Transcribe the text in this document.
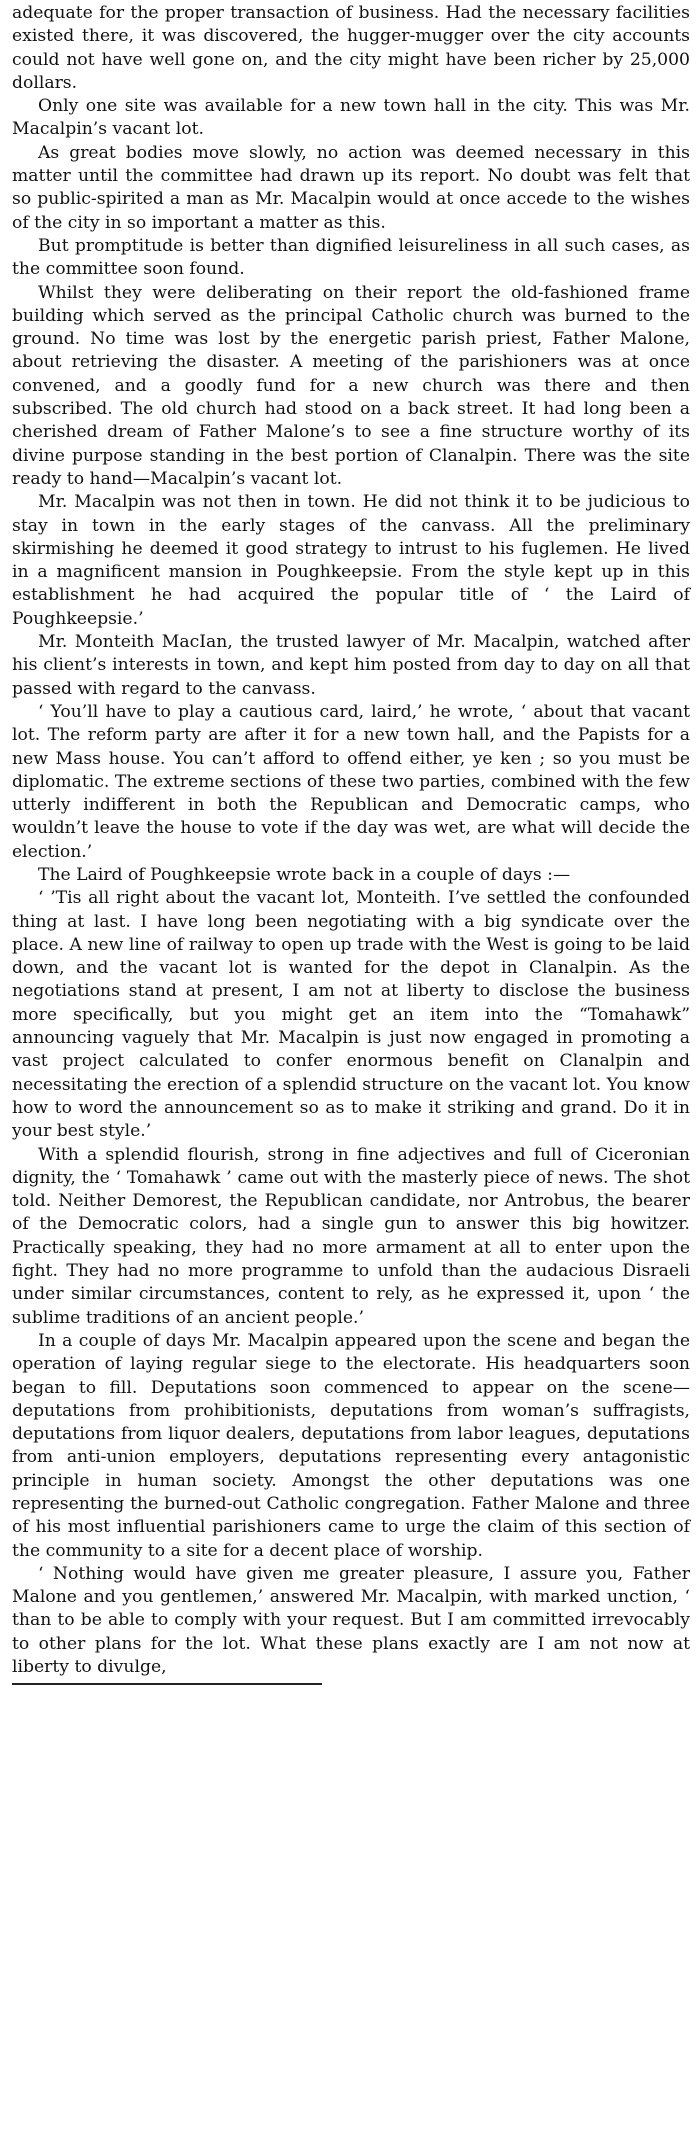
adequate for the proper transaction of business. Had the necessary facilities existed there, it was discovered, the hugger-mugger over the city accounts could not have well gone on, and the city might have been richer by 25,000 dollars.

Only one site was available for a new town hall in the city. This was Mr. Macalpin’s vacant lot.

As great bodies move slowly, no action was deemed necessary in this matter until the committee had drawn up its report. No doubt was felt that so public-spirited a man as Mr. Macalpin would at once accede to the wishes of the city in so important a matter as this.

But promptitude is better than dignified leisureliness in all such cases, as the committee soon found.

Whilst they were deliberating on their report the old-fashioned frame building which served as the principal Catholic church was burned to the ground. No time was lost by the energetic parish priest, Father Malone, about retrieving the disaster. A meeting of the parishioners was at once convened, and a goodly fund for a new church was there and then subscribed. The old church had stood on a back street. It had long been a cherished dream of Father Malone’s to see a fine structure worthy of its divine purpose standing in the best portion of Clanalpin. There was the site ready to hand—Macalpin’s vacant lot.

Mr. Macalpin was not then in town. He did not think it to be judicious to stay in town in the early stages of the canvass. All the preliminary skirmishing he deemed it good strategy to intrust to his fuglemen. He lived in a magnificent mansion in Poughkeepsie. From the style kept up in this establishment he had acquired the popular title of ‘ the Laird of Poughkeepsie.’

Mr. Monteith MacIan, the trusted lawyer of Mr. Macalpin, watched after his client’s interests in town, and kept him posted from day to day on all that passed with regard to the canvass.

‘ You’ll have to play a cautious card, laird,’ he wrote, ‘ about that vacant lot. The reform party are after it for a new town hall, and the Papists for a new Mass house. You can’t afford to offend either, ye ken ; so you must be diplomatic. The extreme sections of these two parties, combined with the few utterly indifferent in both the Republican and Democratic camps, who wouldn’t leave the house to vote if the day was wet, are what will decide the election.’

The Laird of Poughkeepsie wrote back in a couple of days :—

‘ ’Tis all right about the vacant lot, Monteith. I’ve settled the confounded thing at last. I have long been negotiating with a big syndicate over the place. A new line of railway to open up trade with the West is going to be laid down, and the vacant lot is wanted for the depot in Clanalpin. As the negotiations stand at present, I am not at liberty to disclose the business more specifically, but you might get an item into the “Tomahawk” announcing vaguely that Mr. Macalpin is just now engaged in promoting a vast project calculated to confer enormous benefit on Clanalpin and necessitating the erection of a splendid structure on the vacant lot. You know how to word the announcement so as to make it striking and grand. Do it in your best style.’

With a splendid flourish, strong in fine adjectives and full of Ciceronian dignity, the ‘ Tomahawk ’ came out with the masterly piece of news. The shot told. Neither Demorest, the Republican candidate, nor Antrobus, the bearer of the Democratic colors, had a single gun to answer this big howitzer. Practically speaking, they had no more armament at all to enter upon the fight. They had no more programme to unfold than the audacious Disraeli under similar circumstances, content to rely, as he expressed it, upon ‘ the sublime traditions of an ancient people.’

In a couple of days Mr. Macalpin appeared upon the scene and began the operation of laying regular siege to the electorate. His headquarters soon began to fill. Deputations soon commenced to appear on the scene—deputations from prohibitionists, deputations from woman’s suffragists, deputations from liquor dealers, deputations from labor leagues, deputations from anti-union employers, deputations representing every antagonistic principle in human society. Amongst the other deputations was one representing the burned-out Catholic congregation. Father Malone and three of his most influential parishioners came to urge the claim of this section of the community to a site for a decent place of worship.

‘ Nothing would have given me greater pleasure, I assure you, Father Malone and you gentlemen,’ answered Mr. Macalpin, with marked unction, ‘ than to be able to comply with your request. But I am committed irrevocably to other plans for the lot. What these plans exactly are I am not now at liberty to divulge,
